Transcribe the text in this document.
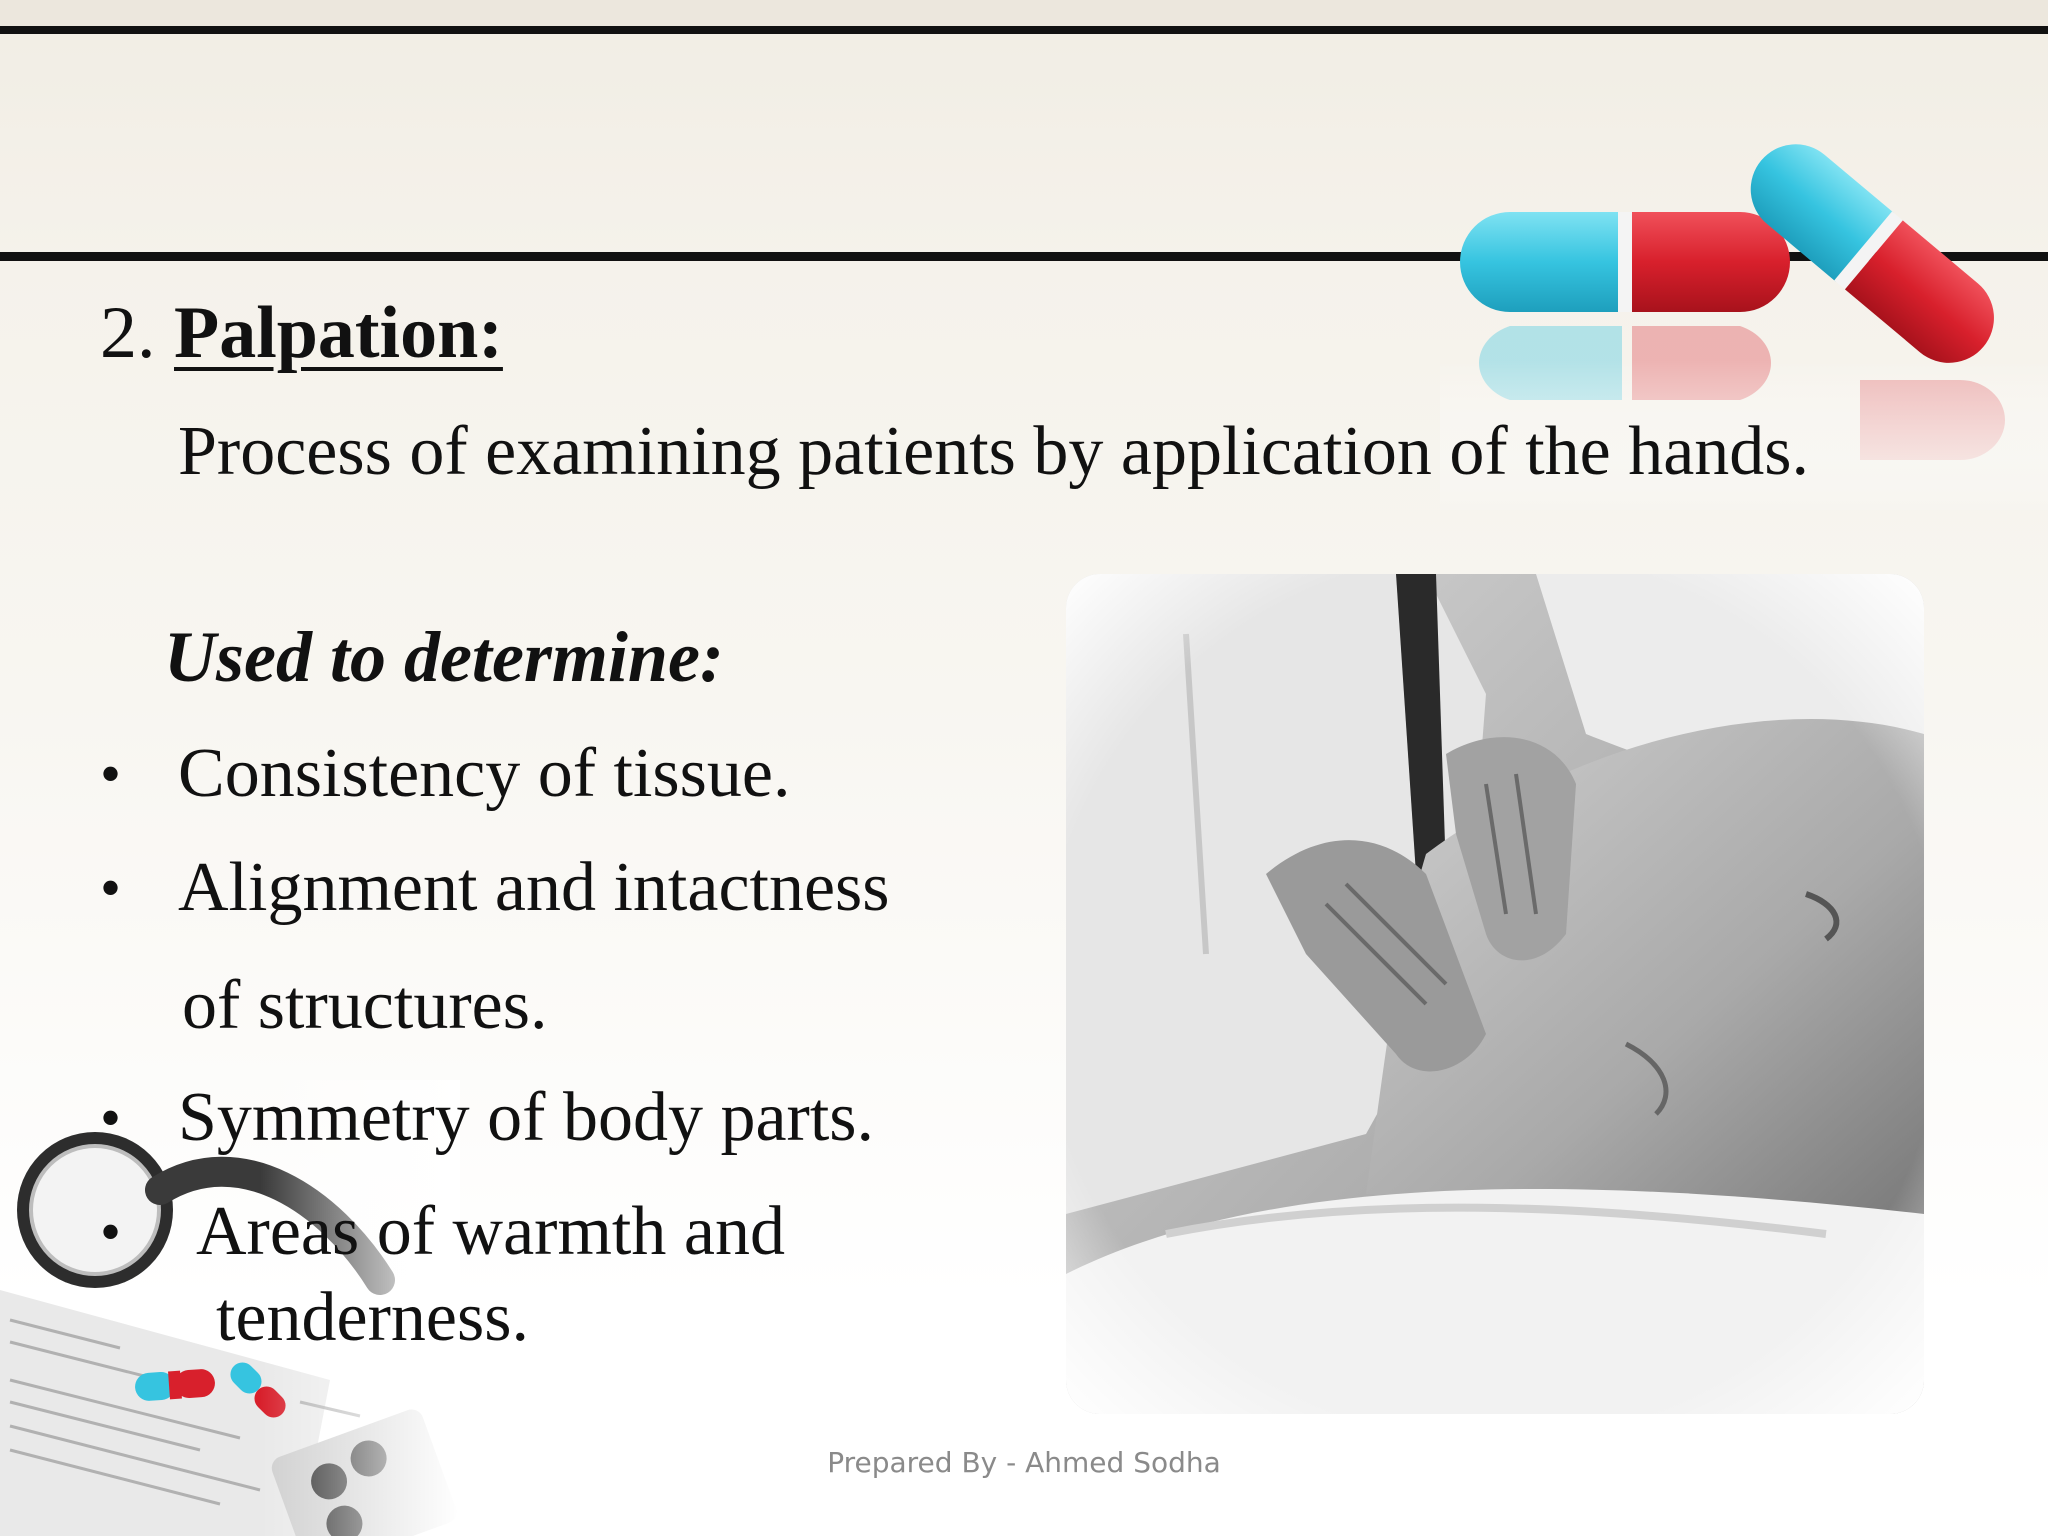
2. Palpation:
Process of examining patients by application of the hands.
Used to determine:
• Consistency of tissue.
• Alignment and intactness
of structures.
• Symmetry of body parts.
• Areas of warmth and
tenderness.
Prepared By - Ahmed Sodha
